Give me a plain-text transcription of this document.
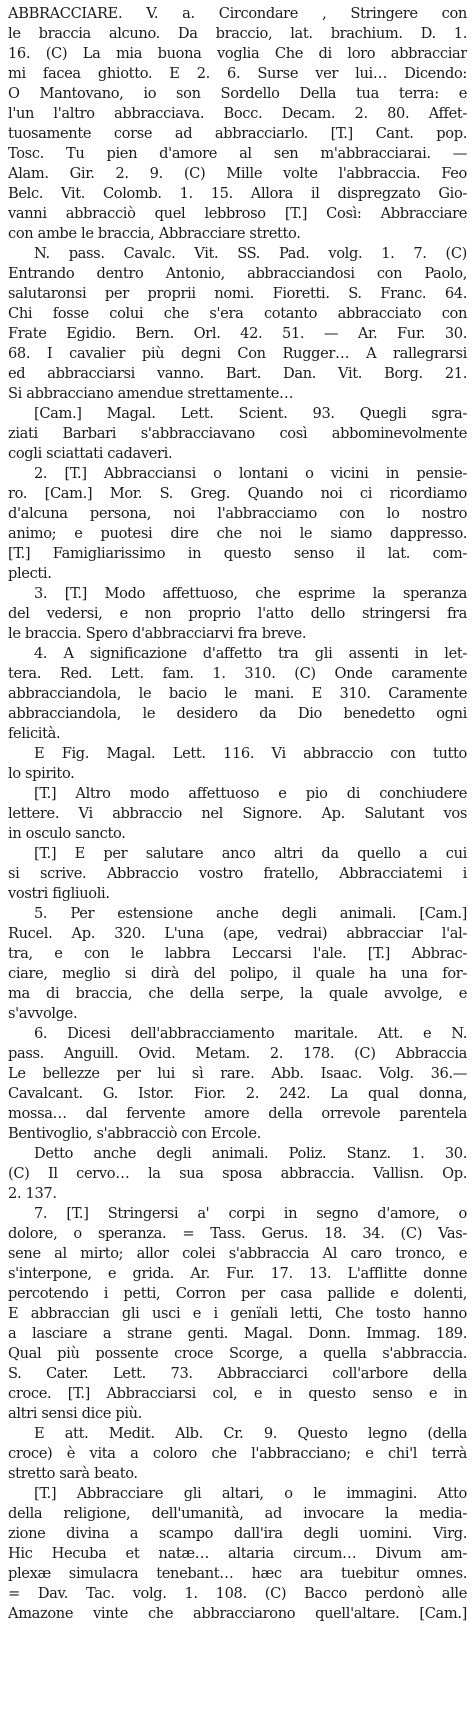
ABBRACCIARE. V. a. Circondare , Stringere con
le braccia alcuno. Da braccio, lat. brachium. D. 1.
16. (C) La mia buona voglia Che di loro abbracciar
mi facea ghiotto. E 2. 6. Surse ver lui… Dicendo:
O Mantovano, io son Sordello Della tua terra: e
l'un l'altro abbracciava. Bocc. Decam. 2. 80. Affet-
tuosamente corse ad abbracciarlo. [T.] Cant. pop.
Tosc. Tu pien d'amore al sen m'abbracciarai. —
Alam. Gir. 2. 9. (C) Mille volte l'abbraccia. Feo
Belc. Vit. Colomb. 1. 15. Allora il dispregzato Gio-
vanni abbracciò quel lebbroso [T.] Così: Abbracciare
con ambe le braccia, Abbracciare stretto.
N. pass. Cavalc. Vit. SS. Pad. volg. 1. 7. (C)
Entrando dentro Antonio, abbracciandosi con Paolo,
salutaronsi per proprii nomi. Fioretti. S. Franc. 64.
Chi fosse colui che s'era cotanto abbracciato con
Frate Egidio. Bern. Orl. 42. 51. — Ar. Fur. 30.
68. I cavalier più degni Con Rugger… A rallegrarsi
ed abbracciarsi vanno. Bart. Dan. Vit. Borg. 21.
Si abbracciano amendue strettamente…
[Cam.] Magal. Lett. Scient. 93. Quegli sgra-
ziati Barbari s'abbracciavano così abbominevolmente
cogli sciattati cadaveri.
2. [T.] Abbracciansi o lontani o vicini in pensie-
ro. [Cam.] Mor. S. Greg. Quando noi ci ricordiamo
d'alcuna persona, noi l'abbracciamo con lo nostro
animo; e puotesi dire che noi le siamo dappresso.
[T.] Famigliarissimo in questo senso il lat. com-
plecti.
3. [T.] Modo affettuoso, che esprime la speranza
del vedersi, e non proprio l'atto dello stringersi fra
le braccia. Spero d'abbracciarvi fra breve.
4. A significazione d'affetto tra gli assenti in let-
tera. Red. Lett. fam. 1. 310. (C) Onde caramente
abbracciandola, le bacio le mani. E 310. Caramente
abbracciandola, le desidero da Dio benedetto ogni
felicità.
E Fig. Magal. Lett. 116. Vi abbraccio con tutto
lo spirito.
[T.] Altro modo affettuoso e pio di conchiudere
lettere. Vi abbraccio nel Signore. Ap. Salutant vos
in osculo sancto.
[T.] E per salutare anco altri da quello a cui
si scrive. Abbraccio vostro fratello, Abbracciatemi i
vostri figliuoli.
5. Per estensione anche degli animali. [Cam.]
Rucel. Ap. 320. L'una (ape, vedrai) abbracciar l'al-
tra, e con le labbra Leccarsi l'ale. [T.] Abbrac-
ciare, meglio si dirà del polipo, il quale ha una for-
ma di braccia, che della serpe, la quale avvolge, e
s'avvolge.
6. Dicesi dell'abbracciamento maritale. Att. e N.
pass. Anguill. Ovid. Metam. 2. 178. (C) Abbraccia
Le bellezze per lui sì rare. Abb. Isaac. Volg. 36.—
Cavalcant. G. Istor. Fior. 2. 242. La qual donna,
mossa… dal fervente amore della orrevole parentela
Bentivoglio, s'abbracciò con Ercole.
Detto anche degli animali. Poliz. Stanz. 1. 30.
(C) Il cervo… la sua sposa abbraccia. Vallisn. Op.
2. 137.
7. [T.] Stringersi a' corpi in segno d'amore, o
dolore, o speranza. = Tass. Gerus. 18. 34. (C) Vas-
sene al mirto; allor colei s'abbraccia Al caro tronco, e
s'interpone, e grida. Ar. Fur. 17. 13. L'afflitte donne
percotendo i petti, Corron per casa pallide e dolenti,
E abbraccian gli usci e i genïali letti, Che tosto hanno
a lasciare a strane genti. Magal. Donn. Immag. 189.
Qual più possente croce Scorge, a quella s'abbraccia.
S. Cater. Lett. 73. Abbracciarci coll'arbore della
croce. [T.] Abbracciarsi col, e in questo senso e in
altri sensi dice più.
E att. Medit. Alb. Cr. 9. Questo legno (della
croce) è vita a coloro che l'abbracciano; e chi'l terrà
stretto sarà beato.
[T.] Abbracciare gli altari, o le immagini. Atto
della religione, dell'umanità, ad invocare la media-
zione divina a scampo dall'ira degli uomini. Virg.
Hic Hecuba et natæ… altaria circum… Divum am-
plexæ simulacra tenebant… hæc ara tuebitur omnes.
= Dav. Tac. volg. 1. 108. (C) Bacco perdonò alle
Amazone vinte che abbracciarono quell'altare. [Cam.]
